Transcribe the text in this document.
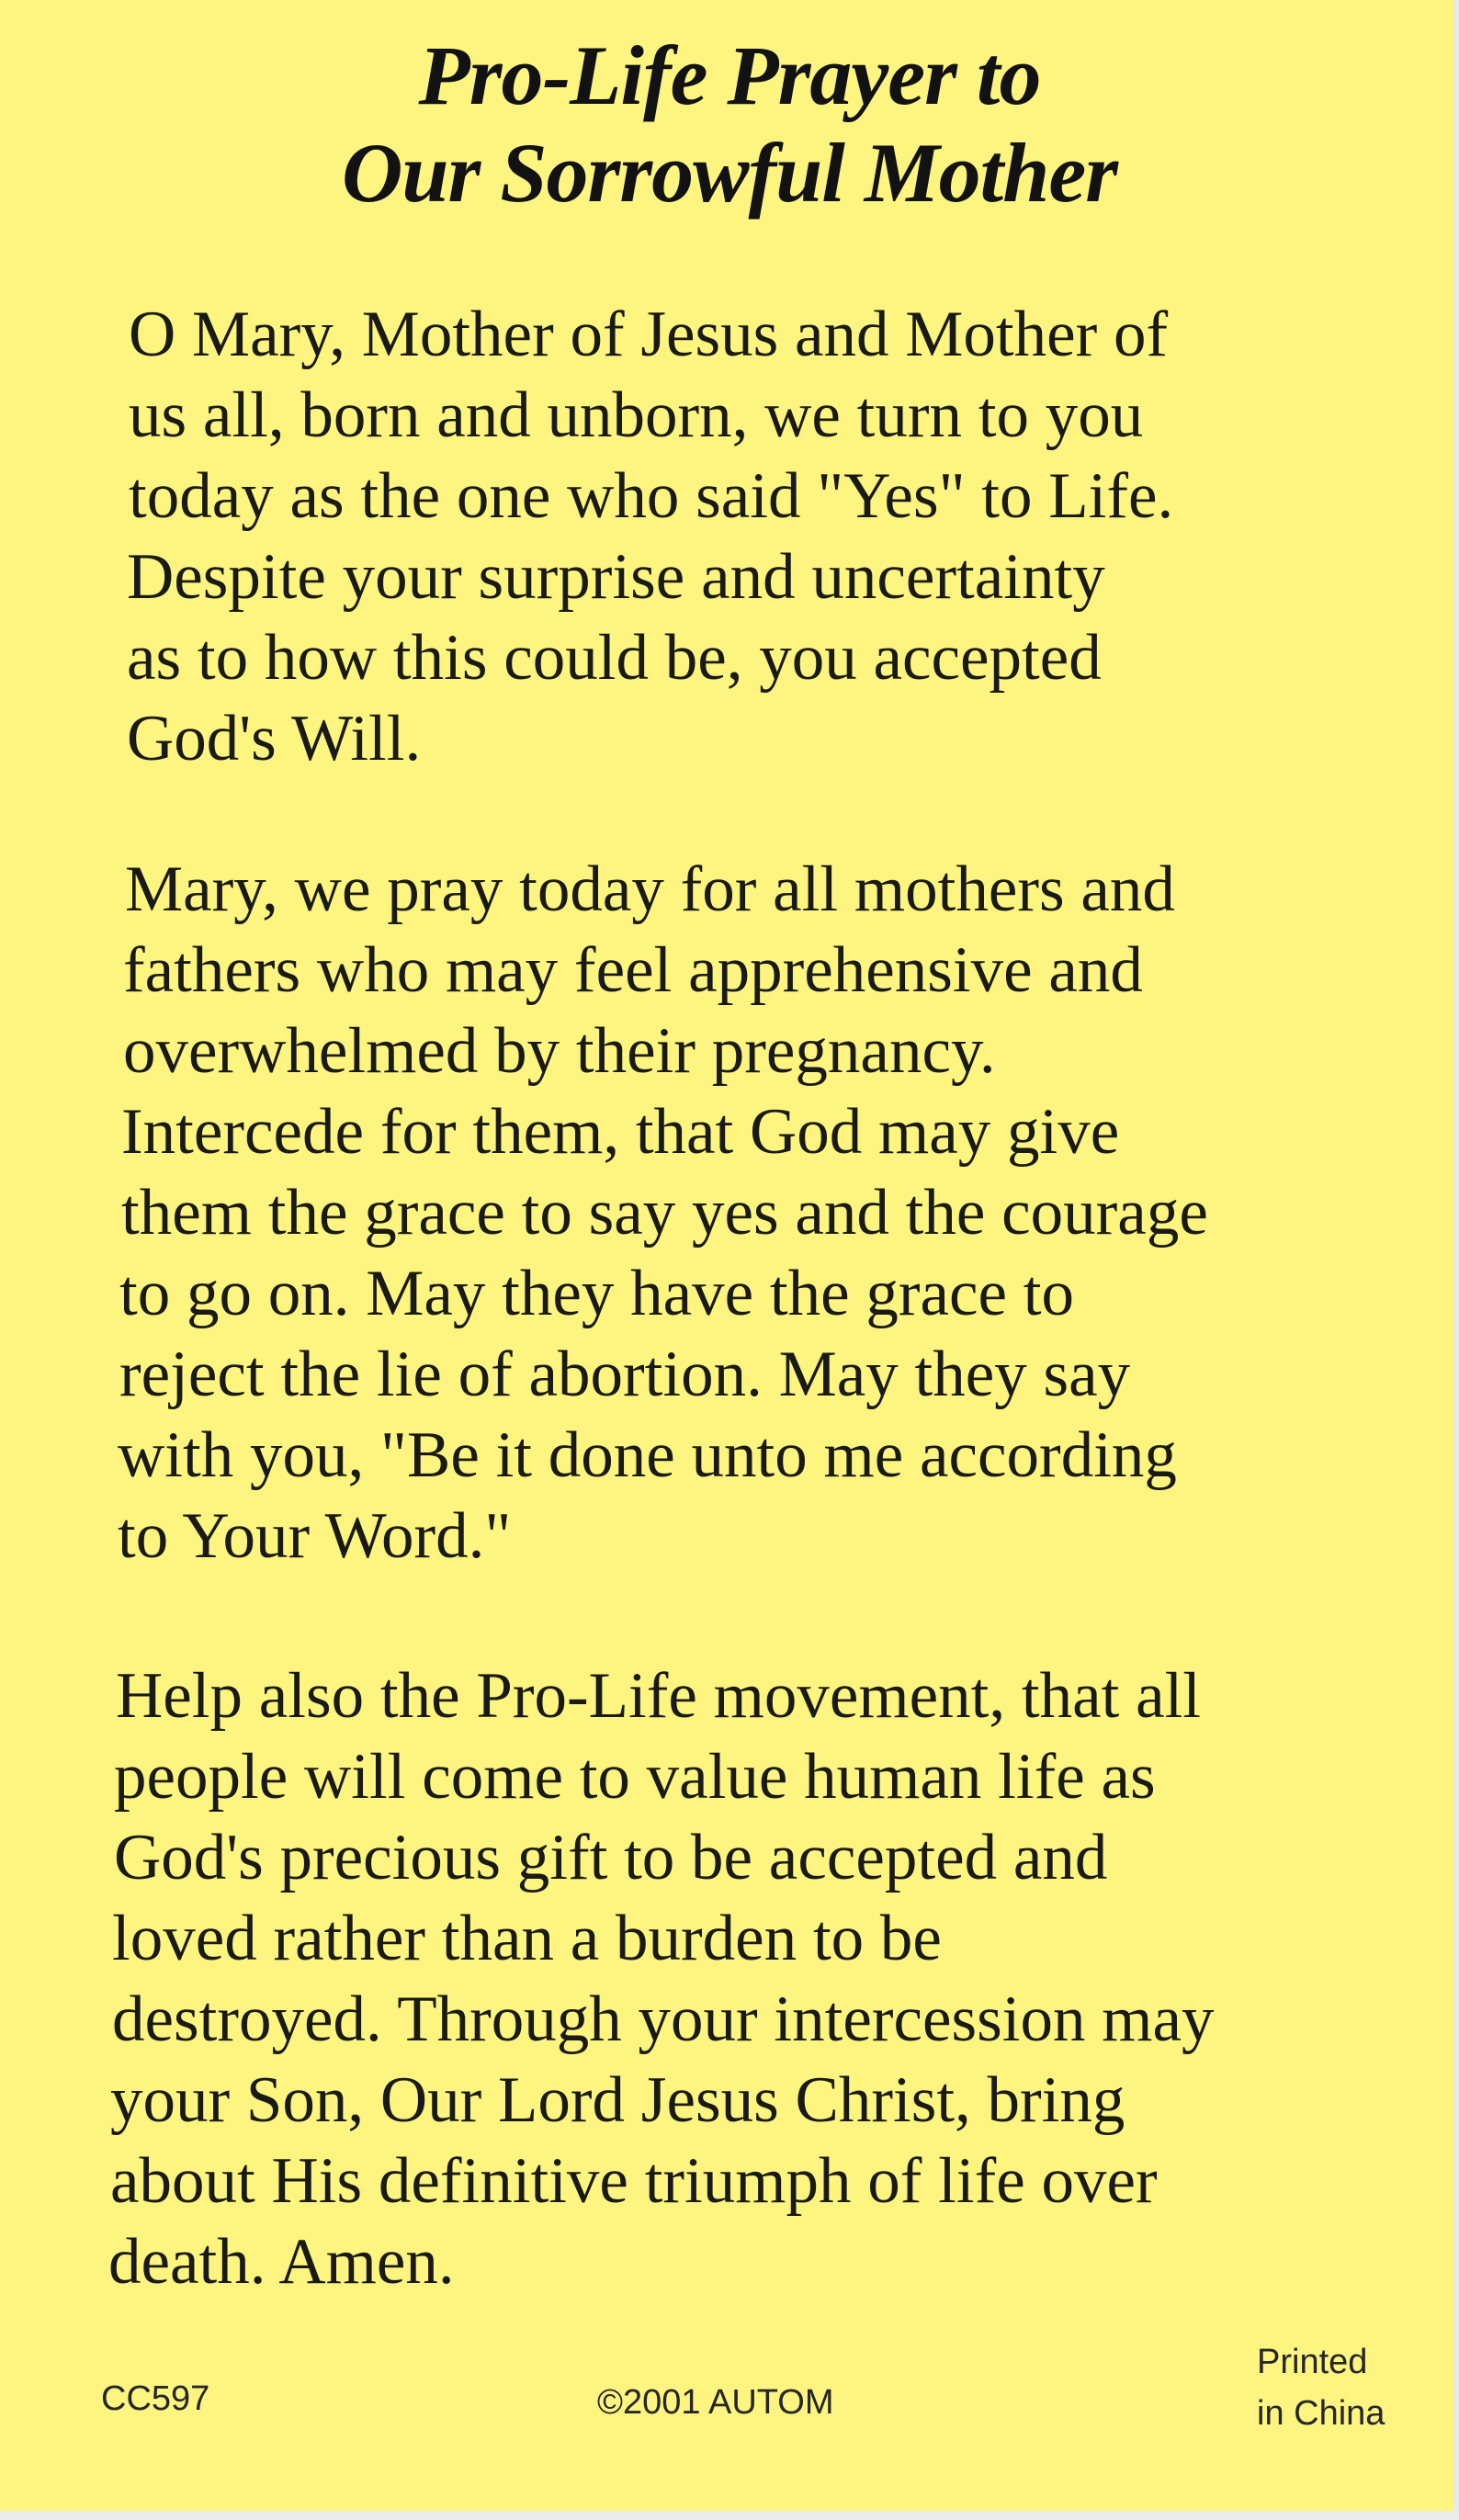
Pro-Life Prayer to
Our Sorrowful Mother
O Mary, Mother of Jesus and Mother of
us all, born and unborn, we turn to you
today as the one who said "Yes" to Life.
Despite your surprise and uncertainty
as to how this could be, you accepted
God's Will.
Mary, we pray today for all mothers and
fathers who may feel apprehensive and
overwhelmed by their pregnancy.
Intercede for them, that God may give
them the grace to say yes and the courage
to go on. May they have the grace to
reject the lie of abortion. May they say
with you, "Be it done unto me according
to Your Word."
Help also the Pro-Life movement, that all
people will come to value human life as
God's precious gift to be accepted and
loved rather than a burden to be
destroyed. Through your intercession may
your Son, Our Lord Jesus Christ, bring
about His definitive triumph of life over
death. Amen.
CC597	©2001 AUTOM
Printed
in China
